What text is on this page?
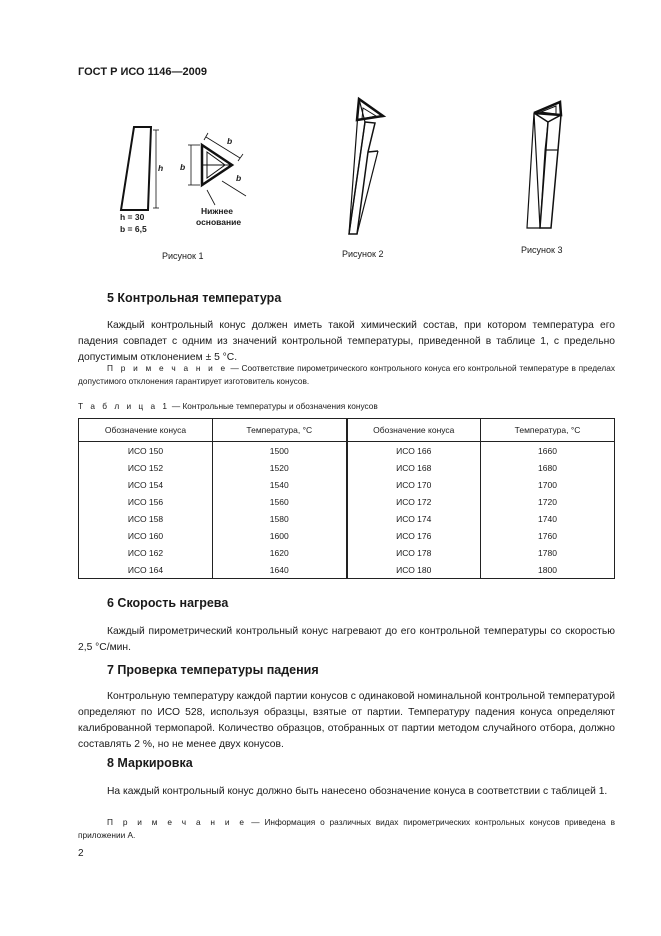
ГОСТ Р ИСО 1146—2009
h b
b
b
h = 30
b = 6,5
Нижнее
основание
Рисунок 1	Рисунок 2	Рисунок 3
5 Контрольная температура

Каждый контрольный конус должен иметь такой химический состав, при котором температура его падения совпадет с одним из значений контрольной температуры, приведенной в таблице 1, с предельно допустимым отклонением ± 5 °С.

П р и м е ч а н и е — Соответствие пирометрического контрольного конуса его контрольной температуре в пределах допустимого отклонения гарантирует изготовитель конусов.

Т а б л и ц а 1 — Контрольные температуры и обозначения конусов
Обозначение конуса	Температура, °С	Обозначение конуса	Температура, °С
ИСО 150	1500	ИСО 166	1660
ИСО 152	1520	ИСО 168	1680
ИСО 154	1540	ИСО 170	1700
ИСО 156	1560	ИСО 172	1720
ИСО 158	1580	ИСО 174	1740
ИСО 160	1600	ИСО 176	1760
ИСО 162	1620	ИСО 178	1780
ИСО 164	1640	ИСО 180	1800
6 Скорость нагрева

Каждый пирометрический контрольный конус нагревают до его контрольной температуры со скоростью 2,5 °С/мин.

7 Проверка температуры падения

Контрольную температуру каждой партии конусов с одинаковой номинальной контрольной температурой определяют по ИСО 528, используя образцы, взятые от партии. Температуру падения конуса определяют калиброванной термопарой. Количество образцов, отобранных от партии методом случайного отбора, должно составлять 2 %, но не менее двух конусов.

8 Маркировка

На каждый контрольный конус должно быть нанесено обозначение конуса в соответствии с таблицей 1.

П р и м е ч а н и е — Информация о различных видах пирометрических контрольных конусов приведена в приложении А.

2
